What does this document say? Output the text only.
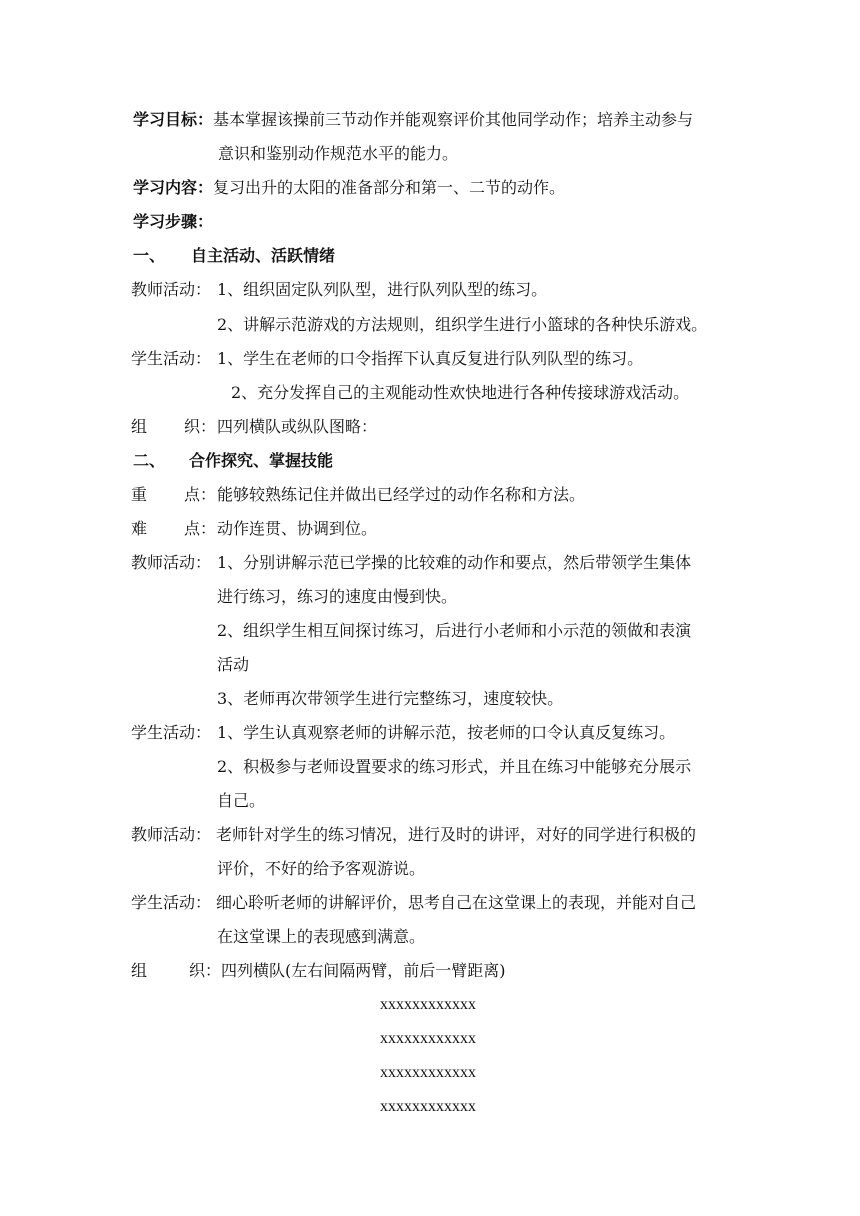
学习目标： 基本掌握该操前三节动作并能观察评价其他同学动作；培养主动参与
意识和鉴别动作规范水平的能力。
学习内容： 复习出升的太阳的准备部分和第一、二节的动作。
学习步骤：
一、 自主活动、活跃情绪
教师活动： 1、组织固定队列队型，进行队列队型的练习。
2、讲解示范游戏的方法规则，组织学生进行小篮球的各种快乐游戏。
学生活动： 1、学生在老师的口令指挥下认真反复进行队列队型的练习。
2、充分发挥自己的主观能动性欢快地进行各种传接球游戏活动。
组 织： 四列横队或纵队图略：
二、 合作探究、掌握技能
重 点： 能够较熟练记住并做出已经学过的动作名称和方法。
难 点： 动作连贯、协调到位。
教师活动： 1、分别讲解示范已学操的比较难的动作和要点，然后带领学生集体
进行练习，练习的速度由慢到快。
2、组织学生相互间探讨练习，后进行小老师和小示范的领做和表演
活动
3、老师再次带领学生进行完整练习，速度较快。
学生活动： 1、学生认真观察老师的讲解示范，按老师的口令认真反复练习。
2、积极参与老师设置要求的练习形式，并且在练习中能够充分展示
自己。
教师活动： 老师针对学生的练习情况，进行及时的讲评，对好的同学进行积极的
评价，不好的给予客观游说。
学生活动： 细心聆听老师的讲解评价，思考自己在这堂课上的表现，并能对自己
在这堂课上的表现感到满意。
组	织： 四列横队(左右间隔两臂，前后一臂距离)
xxxxxxxxxxxx
xxxxxxxxxxxx
xxxxxxxxxxxx
xxxxxxxxxxxx
